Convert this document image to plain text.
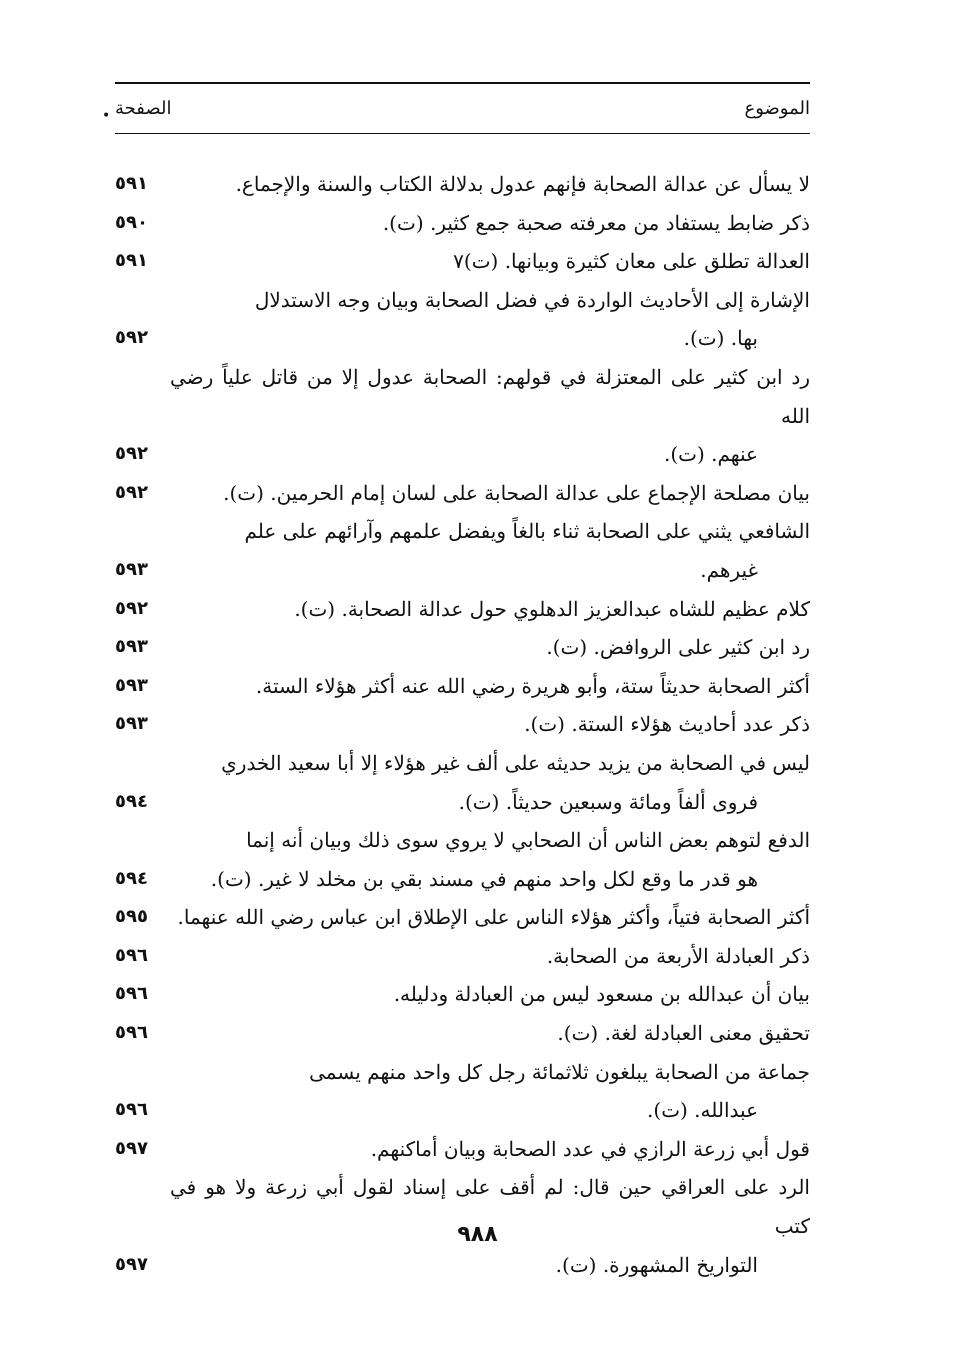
الموضوع
الصفحة
•
لا يسأل عن عدالة الصحابة فإنهم عدول بدلالة الكتاب والسنة والإجماع.
٥٩١
ذكر ضابط يستفاد من معرفته صحبة جمع كثير. (ت).
٥٩٠
العدالة تطلق على معان كثيرة وبيانها. (ت)٧
٥٩١
الإشارة إلى الأحاديث الواردة في فضل الصحابة وبيان وجه الاستدلال
بها. (ت).
٥٩٢
رد ابن كثير على المعتزلة في قولهم: الصحابة عدول إلا من قاتل علياً رضي الله
عنهم. (ت).
٥٩٢
بيان مصلحة الإجماع على عدالة الصحابة على لسان إمام الحرمين. (ت).
٥٩٢
الشافعي يثني على الصحابة ثناء بالغاً ويفضل علمهم وآرائهم على علم
غيرهم.
٥٩٣
كلام عظيم للشاه عبدالعزيز الدهلوي حول عدالة الصحابة. (ت).
٥٩٢
رد ابن كثير على الروافض. (ت).
٥٩٣
أكثر الصحابة حديثاً ستة، وأبو هريرة رضي الله عنه أكثر هؤلاء الستة.
٥٩٣
ذكر عدد أحاديث هؤلاء الستة. (ت).
٥٩٣
ليس في الصحابة من يزيد حديثه على ألف غير هؤلاء إلا أبا سعيد الخدري
فروى ألفاً ومائة وسبعين حديثاً. (ت).
٥٩٤
الدفع لتوهم بعض الناس أن الصحابي لا يروي سوى ذلك وبيان أنه إنما
هو قدر ما وقع لكل واحد منهم في مسند بقي بن مخلد لا غير. (ت).
٥٩٤
أكثر الصحابة فتياً، وأكثر هؤلاء الناس على الإطلاق ابن عباس رضي الله عنهما.
٥٩٥
ذكر العبادلة الأربعة من الصحابة.
٥٩٦
بيان أن عبدالله بن مسعود ليس من العبادلة ودليله.
٥٩٦
تحقيق معنى العبادلة لغة. (ت).
٥٩٦
جماعة من الصحابة يبلغون ثلاثمائة رجل كل واحد منهم يسمى
عبدالله. (ت).
٥٩٦
قول أبي زرعة الرازي في عدد الصحابة وبيان أماكنهم.
٥٩٧
الرد على العراقي حين قال: لم أقف على إسناد لقول أبي زرعة ولا هو في كتب
التواريخ المشهورة. (ت).
٥٩٧
٩٨٨
